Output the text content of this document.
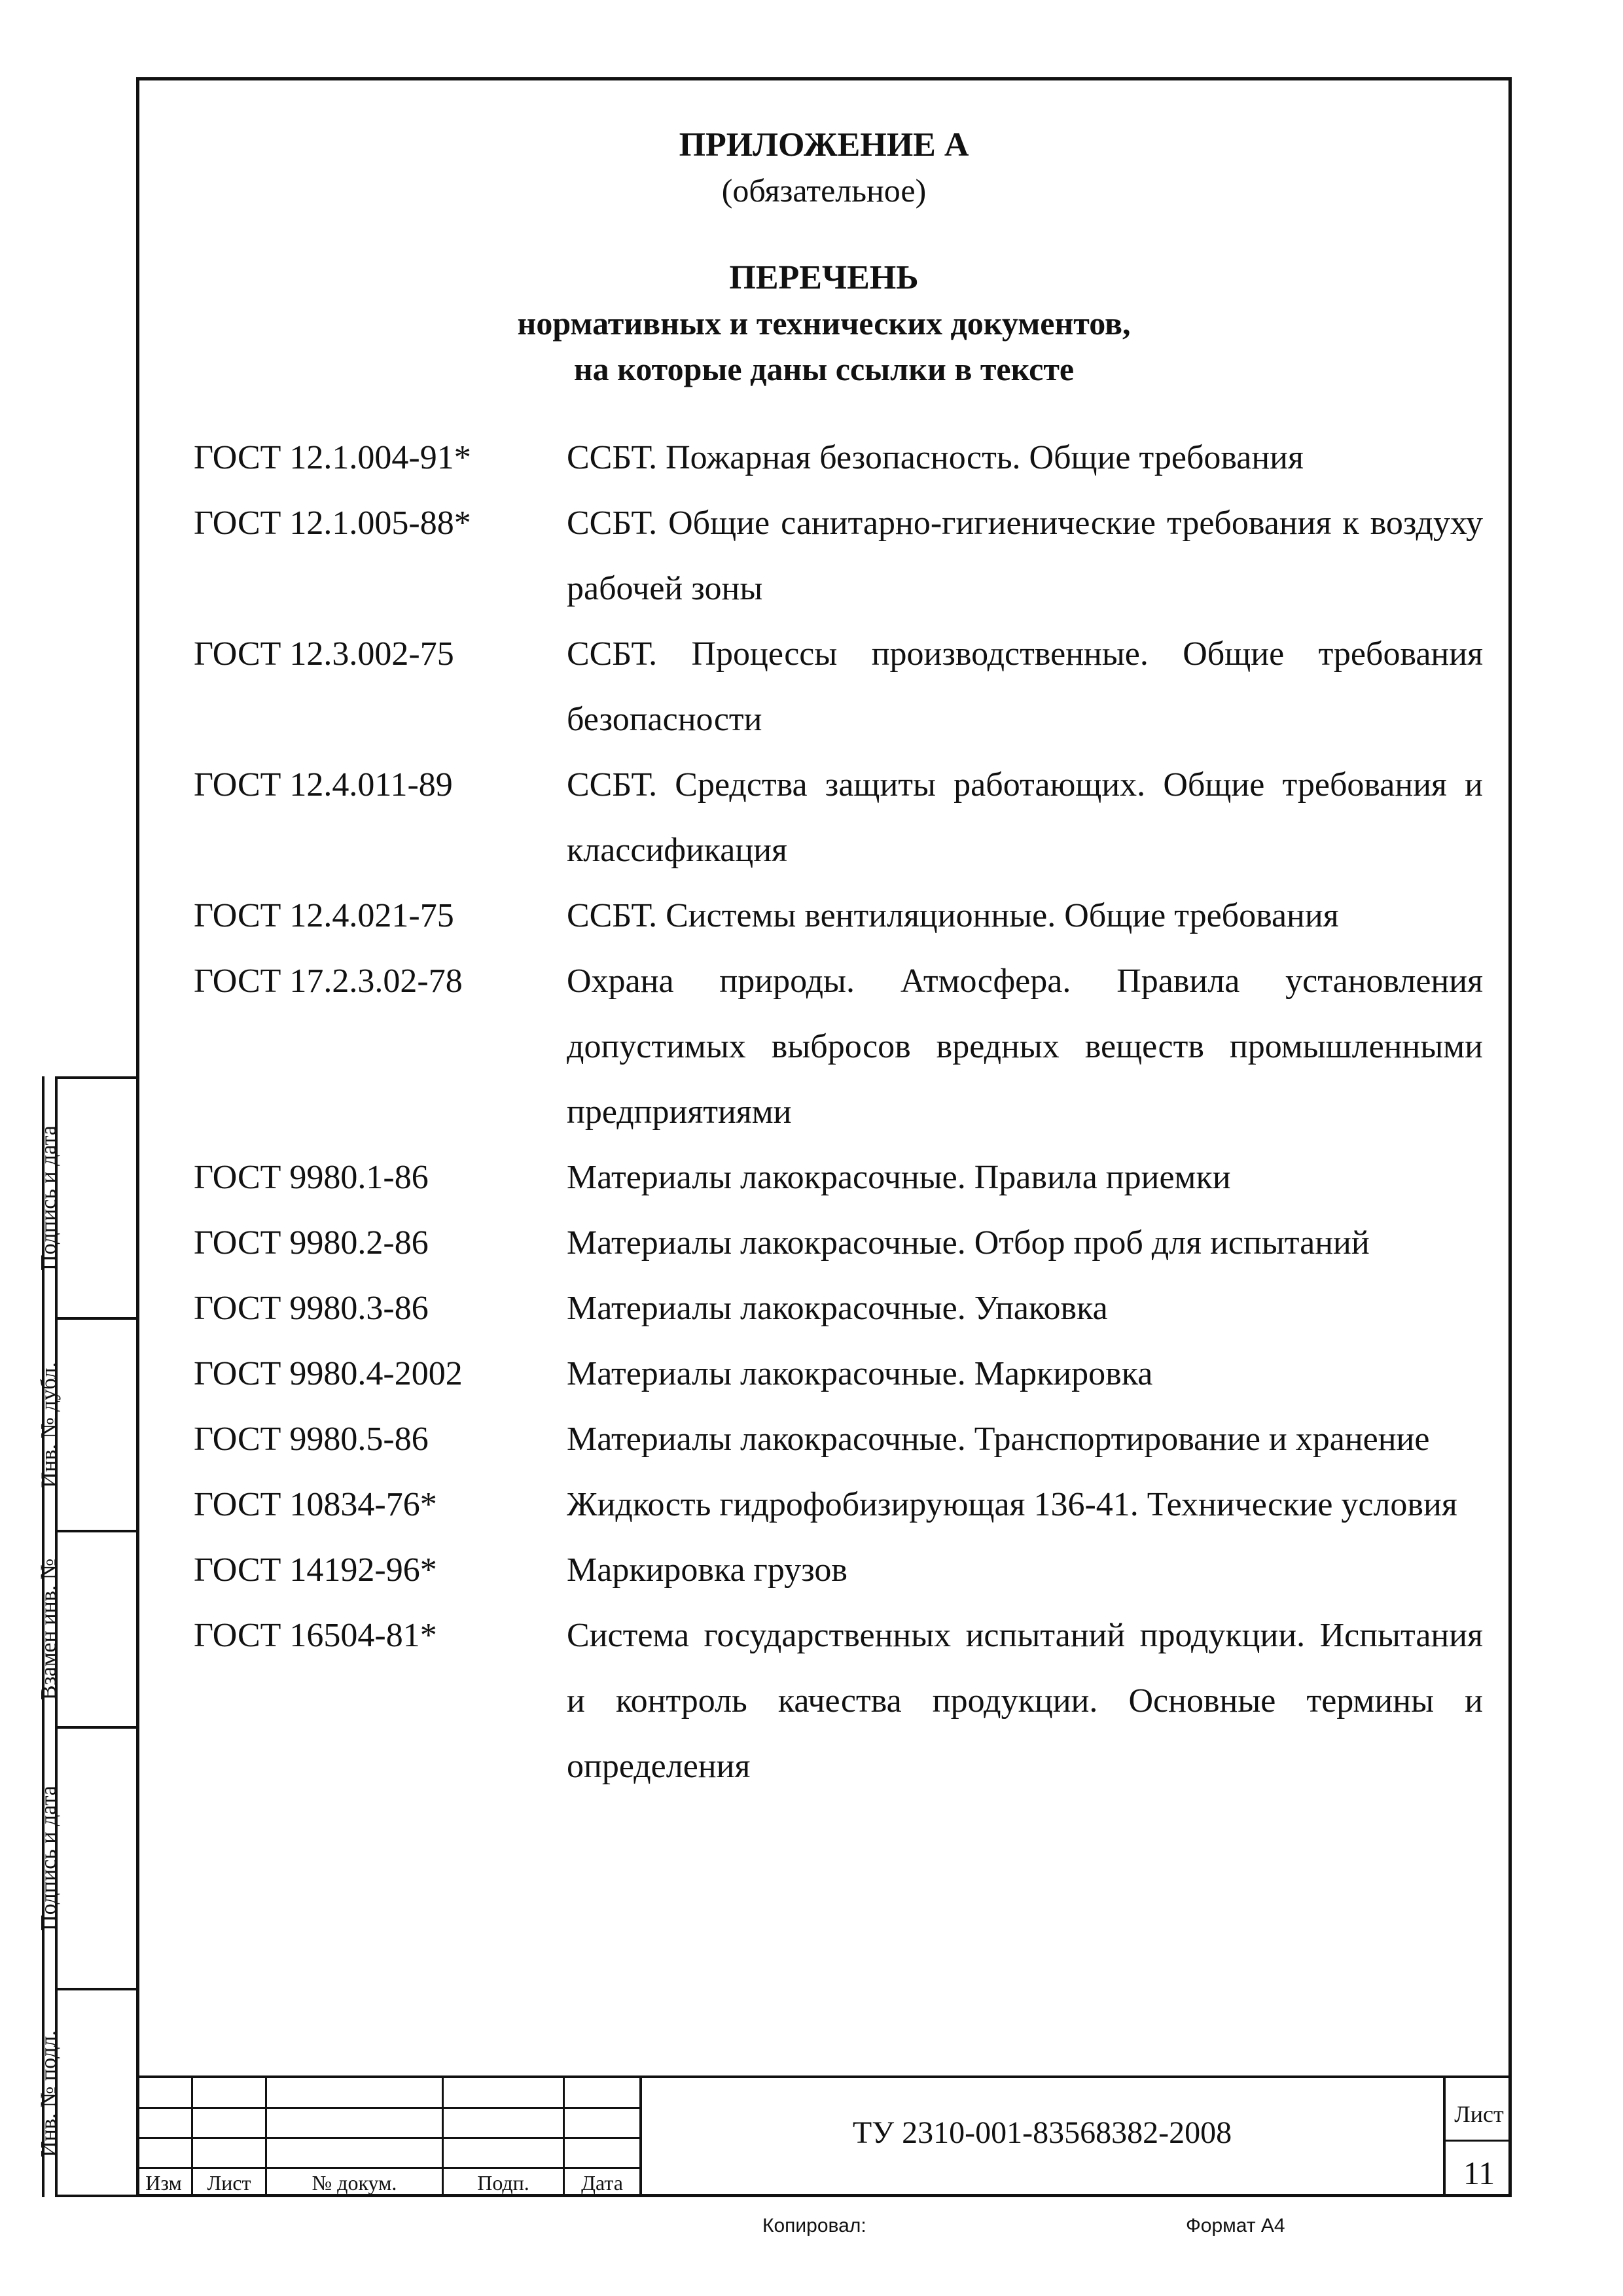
ПРИЛОЖЕНИЕ А
(обязательное)
ПЕРЕЧЕНЬ
нормативных и технических документов,
на которые даны ссылки в тексте
ГОСТ 12.1.004-91*	ССБТ. Пожарная безопасность. Общие требования
ГОСТ 12.1.005-88*	ССБТ. Общие санитарно-гигиенические требования к воздуху рабочей зоны
ГОСТ 12.3.002-75	ССБТ. Процессы производственные. Общие требования безопасности
ГОСТ 12.4.011-89	ССБТ. Средства защиты работающих. Общие требования и классификация
ГОСТ 12.4.021-75	ССБТ. Системы вентиляционные. Общие требования
ГОСТ 17.2.3.02-78	Охрана природы. Атмосфера. Правила установления допустимых выбросов вредных веществ промышленными предприятиями
ГОСТ 9980.1-86	Материалы лакокрасочные. Правила приемки
ГОСТ 9980.2-86	Материалы лакокрасочные. Отбор проб для испытаний
ГОСТ 9980.3-86	Материалы лакокрасочные. Упаковка
ГОСТ 9980.4-2002	Материалы лакокрасочные. Маркировка
ГОСТ 9980.5-86	Материалы лакокрасочные. Транспортирование и хранение
ГОСТ 10834-76*	Жидкость гидрофобизирующая 136-41. Технические условия
ГОСТ 14192-96*	Маркировка грузов
ГОСТ 16504-81*	Система государственных испытаний продукции. Испытания и контроль качества продукции. Основные термины и определения
Подпись и дата
Инв. № дубл.
Взамен инв. №
Подпись и дата
Инв. № подл.
Изм	Лист	№ докум.	Подп.	Дата
ТУ 2310-001-83568382-2008
Лист
11
Копировал:	Формат А4
